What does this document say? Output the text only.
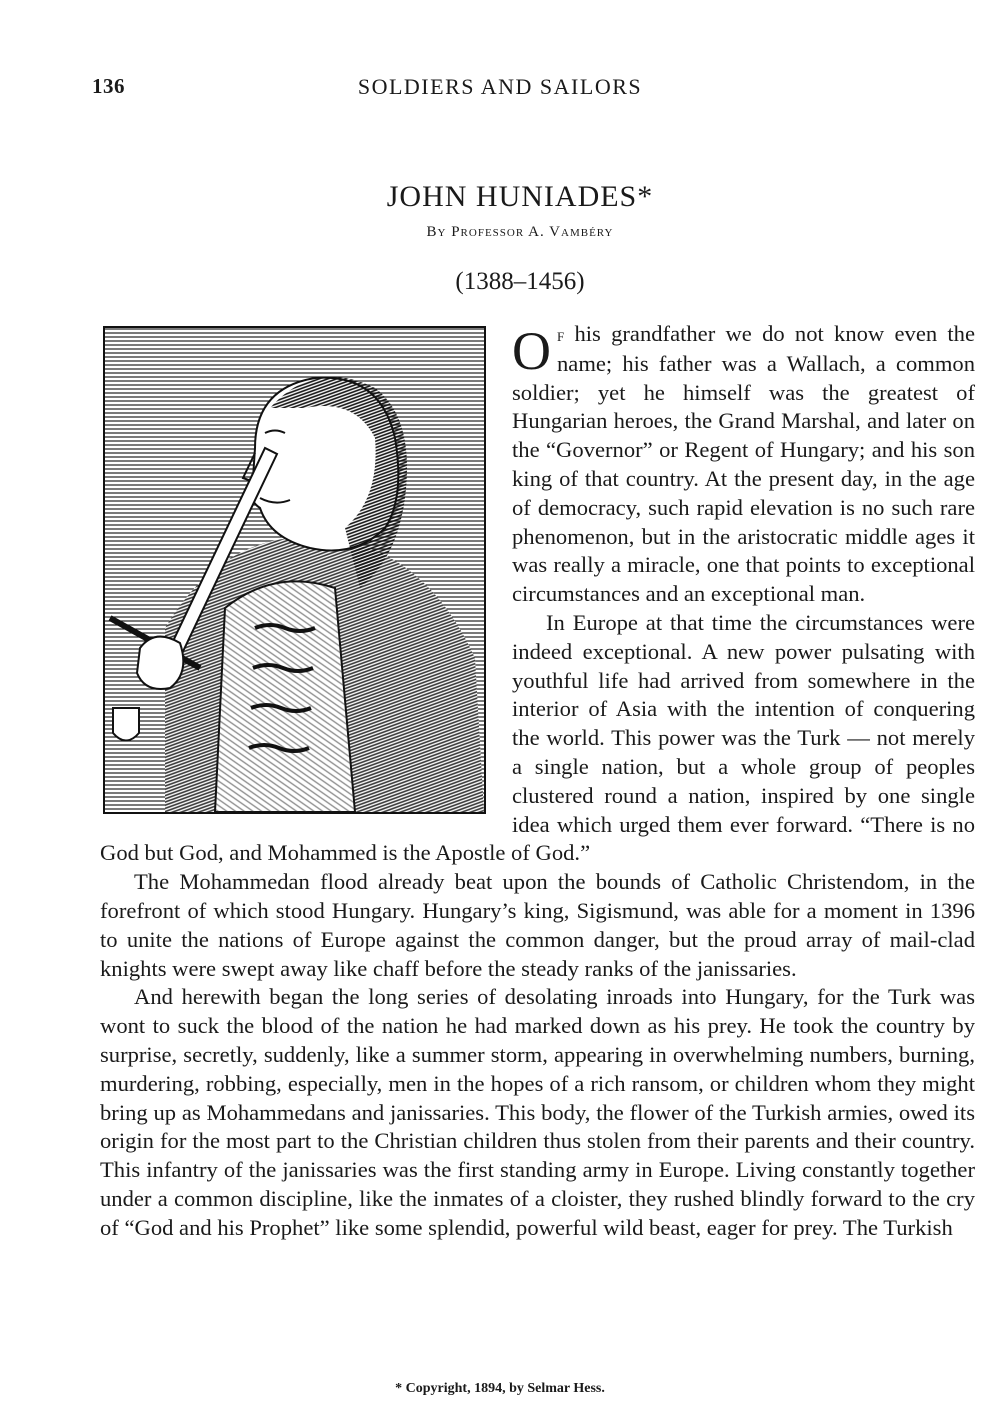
136	SOLDIERS AND SAILORS
JOHN HUNIADES*
By Professor A. Vambéry
(1388–1456)

Of his grandfather we do not know even the name; his father was a Wallach, a common soldier; yet he himself was the greatest of Hungarian heroes, the Grand Marshal, and later on the “Governor” or Regent of Hungary; and his son king of that country. At the present day, in the age of democracy, such rapid elevation is no such rare phenomenon, but in the aristocratic middle ages it was really a miracle, one that points to exceptional circumstances and an exceptional man.

In Europe at that time the circumstances were indeed exceptional. A new power pulsating with youthful life had arrived from somewhere in the interior of Asia with the intention of conquering the world. This power was the Turk — not merely a single nation, but a whole group of peoples clustered round a nation, inspired by one single idea which urged them ever forward. “There is no God but God, and Mohammed is the Apostle of God.”

The Mohammedan flood already beat upon the bounds of Catholic Christendom, in the forefront of which stood Hungary. Hungary’s king, Sigismund, was able for a moment in 1396 to unite the nations of Europe against the common danger, but the proud array of mail-clad knights were swept away like chaff before the steady ranks of the janissaries.

And herewith began the long series of desolating inroads into Hungary, for the Turk was wont to suck the blood of the nation he had marked down as his prey. He took the country by surprise, secretly, suddenly, like a summer storm, appearing in overwhelming numbers, burning, murdering, robbing, especially, men in the hopes of a rich ransom, or children whom they might bring up as Mohammedans and janissaries. This body, the flower of the Turkish armies, owed its origin for the most part to the Christian children thus stolen from their parents and their country. This infantry of the janissaries was the first standing army in Europe. Living constantly together under a common discipline, like the inmates of a cloister, they rushed blindly forward to the cry of “God and his Prophet” like some splendid, powerful wild beast, eager for prey. The Turkish

* Copyright, 1894, by Selmar Hess.
